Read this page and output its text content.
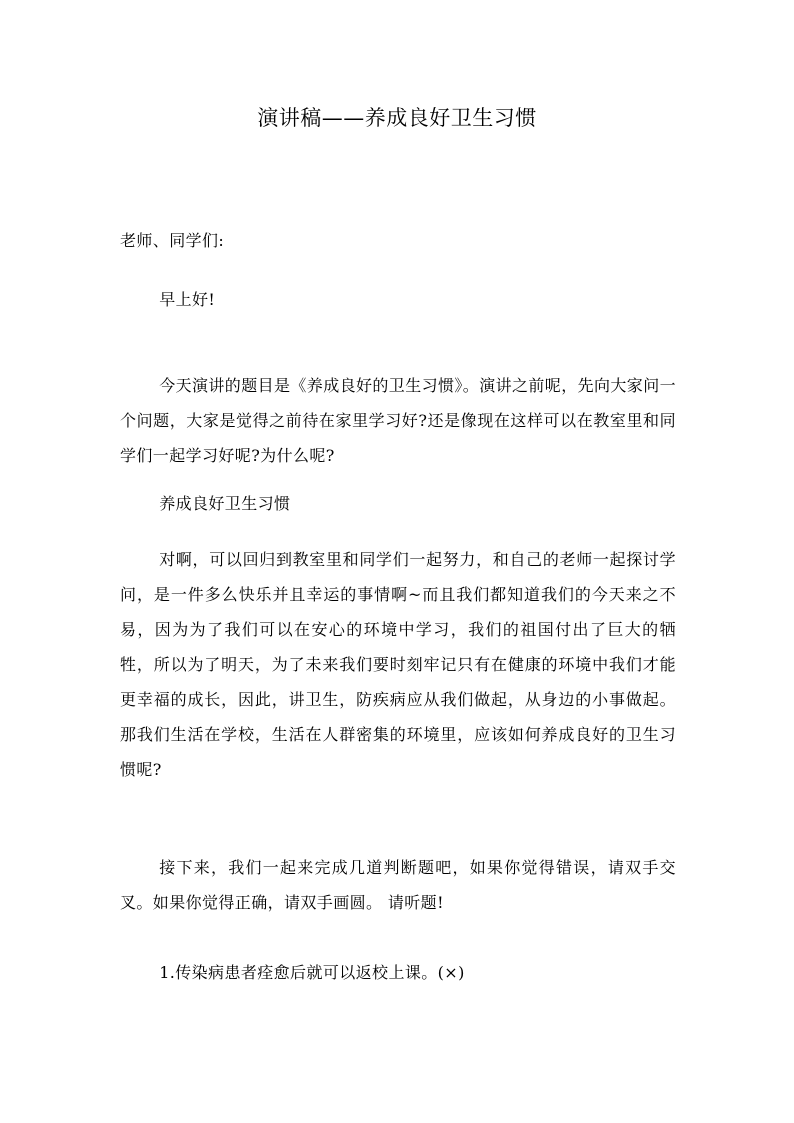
演讲稿——养成良好卫生习惯

老师、同学们:

早上好!

今天演讲的题目是《养成良好的卫生习惯》。演讲之前呢，先向大家问一个问题，大家是觉得之前待在家里学习好?还是像现在这样可以在教室里和同学们一起学习好呢?为什么呢?

养成良好卫生习惯

对啊，可以回归到教室里和同学们一起努力，和自己的老师一起探讨学问，是一件多么快乐并且幸运的事情啊~而且我们都知道我们的今天来之不易，因为为了我们可以在安心的环境中学习，我们的祖国付出了巨大的牺牲，所以为了明天，为了未来我们要时刻牢记只有在健康的环境中我们才能更幸福的成长，因此，讲卫生，防疾病应从我们做起，从身边的小事做起。那我们生活在学校，生活在人群密集的环境里，应该如何养成良好的卫生习惯呢?

接下来，我们一起来完成几道判断题吧，如果你觉得错误，请双手交叉。如果你觉得正确，请双手画圆。 请听题!

1.传染病患者痊愈后就可以返校上课。(×)
